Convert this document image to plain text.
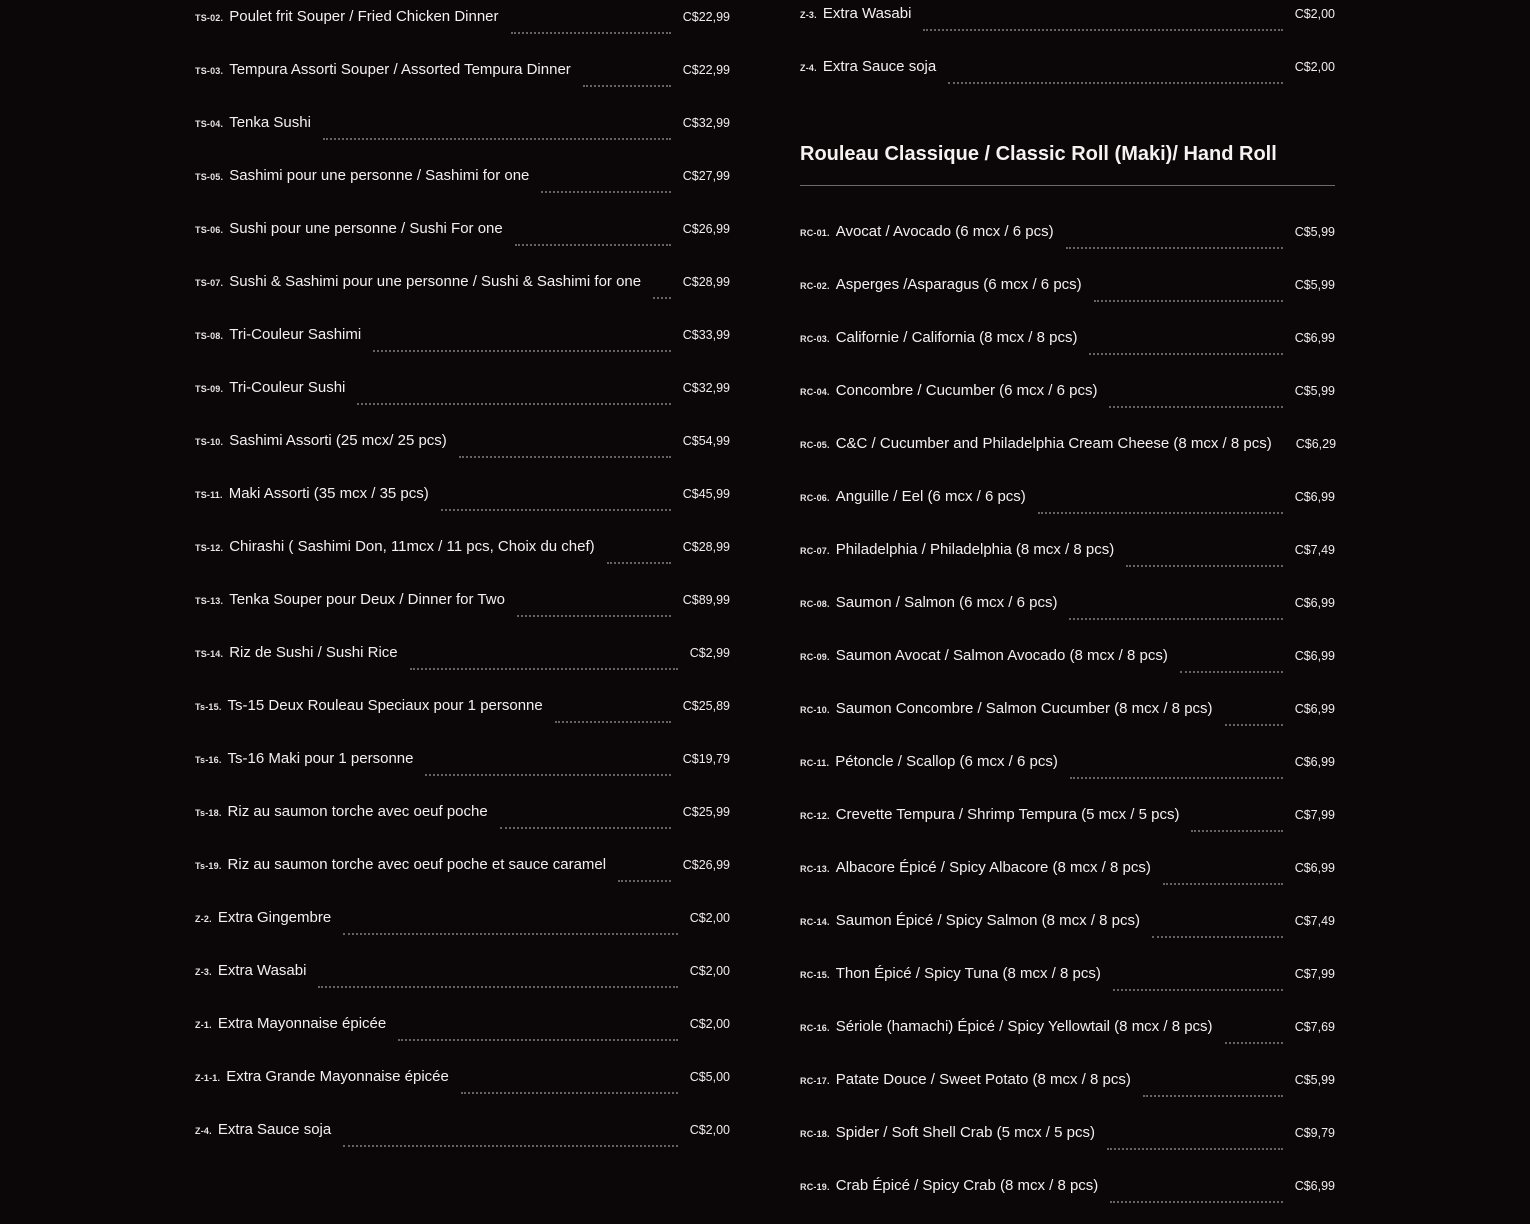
TS-02. Poulet frit Souper / Fried Chicken Dinner	C$22,99
TS-03. Tempura Assorti Souper / Assorted Tempura Dinner	C$22,99
TS-04. Tenka Sushi	C$32,99
TS-05. Sashimi pour une personne / Sashimi for one	C$27,99
TS-06. Sushi pour une personne / Sushi For one	C$26,99
TS-07. Sushi & Sashimi pour une personne / Sushi & Sashimi for one	C$28,99
TS-08. Tri-Couleur Sashimi	C$33,99
TS-09. Tri-Couleur Sushi	C$32,99
TS-10. Sashimi Assorti (25 mcx/ 25 pcs)	C$54,99
TS-11. Maki Assorti (35 mcx / 35 pcs)	C$45,99
TS-12. Chirashi ( Sashimi Don, 11mcx / 11 pcs, Choix du chef)	C$28,99
TS-13. Tenka Souper pour Deux / Dinner for Two	C$89,99
TS-14. Riz de Sushi / Sushi Rice	C$2,99
Ts-15. Ts-15 Deux Rouleau Speciaux pour 1 personne	C$25,89
Ts-16. Ts-16 Maki pour 1 personne	C$19,79
Ts-18. Riz au saumon torche avec oeuf poche	C$25,99
Ts-19. Riz au saumon torche avec oeuf poche et sauce caramel	C$26,99
Z-2. Extra Gingembre	C$2,00
Z-3. Extra Wasabi	C$2,00
Z-1. Extra Mayonnaise épicée	C$2,00
Z-1-1. Extra Grande Mayonnaise épicée	C$5,00
Z-4. Extra Sauce soja	C$2,00
Z-3. Extra Wasabi	C$2,00
Z-4. Extra Sauce soja	C$2,00
Rouleau Classique / Classic Roll (Maki)/ Hand Roll
RC-01. Avocat / Avocado (6 mcx / 6 pcs)	C$5,99
RC-02. Asperges /Asparagus (6 mcx / 6 pcs)	C$5,99
RC-03. Californie / California (8 mcx / 8 pcs)	C$6,99
RC-04. Concombre / Cucumber (6 mcx / 6 pcs)	C$5,99
RC-05. C&C / Cucumber and Philadelphia Cream Cheese (8 mcx / 8 pcs) C$6,29
RC-06. Anguille / Eel (6 mcx / 6 pcs)	C$6,99
RC-07. Philadelphia / Philadelphia (8 mcx / 8 pcs)	C$7,49
RC-08. Saumon / Salmon (6 mcx / 6 pcs)	C$6,99
RC-09. Saumon Avocat / Salmon Avocado (8 mcx / 8 pcs)	C$6,99
RC-10. Saumon Concombre / Salmon Cucumber (8 mcx / 8 pcs)	C$6,99
RC-11. Pétoncle / Scallop (6 mcx / 6 pcs)	C$6,99
RC-12. Crevette Tempura / Shrimp Tempura (5 mcx / 5 pcs)	C$7,99
RC-13. Albacore Épicé / Spicy Albacore (8 mcx / 8 pcs)	C$6,99
RC-14. Saumon Épicé / Spicy Salmon (8 mcx / 8 pcs)	C$7,49
RC-15. Thon Épicé / Spicy Tuna (8 mcx / 8 pcs)	C$7,99
RC-16. Sériole (hamachi) Épicé / Spicy Yellowtail (8 mcx / 8 pcs)	C$7,69
RC-17. Patate Douce / Sweet Potato (8 mcx / 8 pcs)	C$5,99
RC-18. Spider / Soft Shell Crab (5 mcx / 5 pcs)	C$9,79
RC-19. Crab Épicé / Spicy Crab (8 mcx / 8 pcs)	C$6,99
